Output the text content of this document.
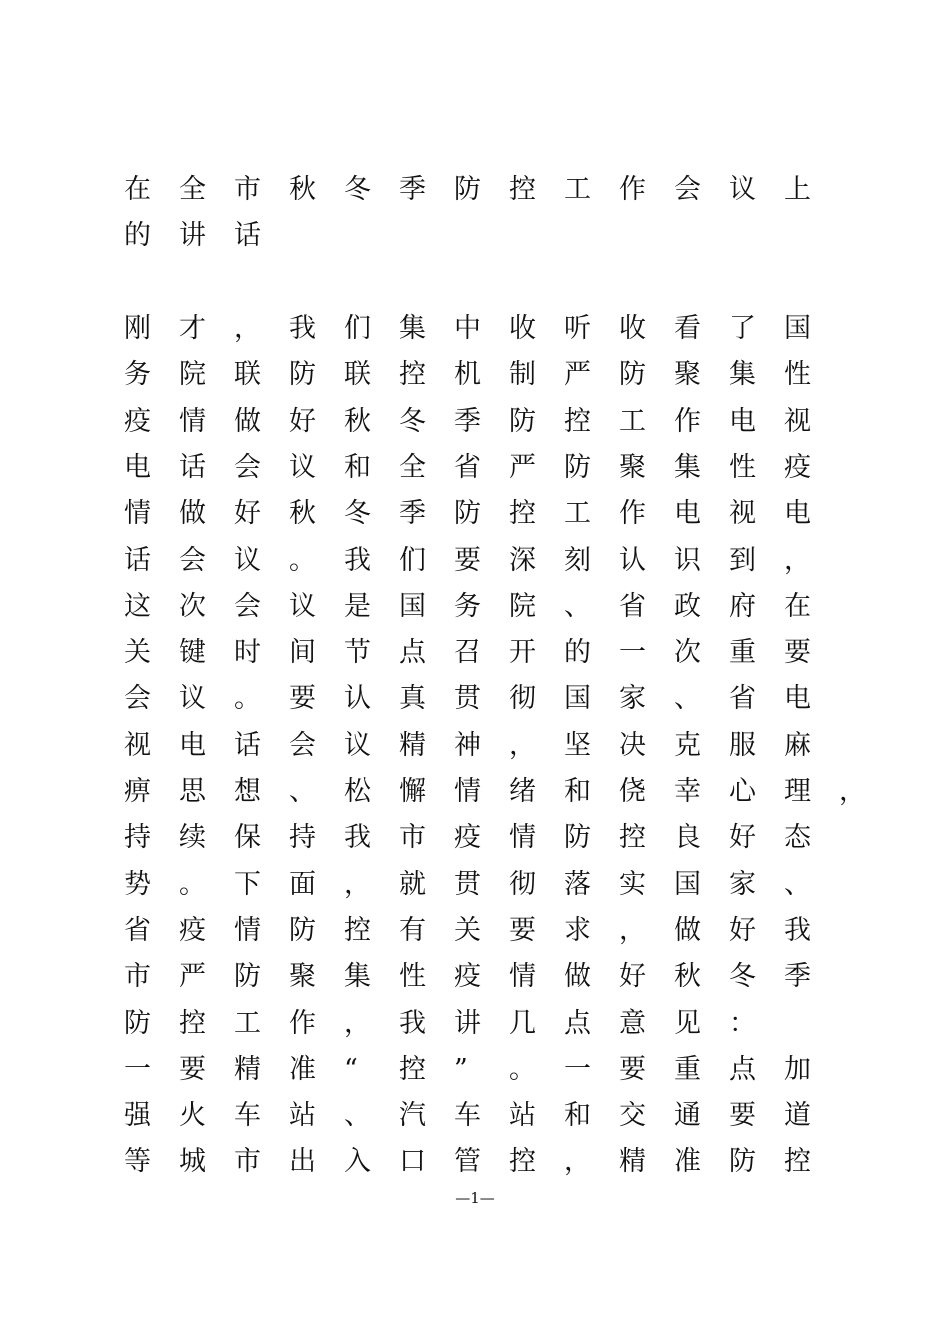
在 全 市 秋 冬 季 防 控 工 作 会 议 上
的 讲 话
刚 才 ， 我 们 集 中 收 听 收 看 了 国
务 院 联 防 联 控 机 制 严 防 聚 集 性
疫 情 做 好 秋 冬 季 防 控 工 作 电 视
电 话 会 议 和 全 省 严 防 聚 集 性 疫
情 做 好 秋 冬 季 防 控 工 作 电 视 电
话 会 议 。 我 们 要 深 刻 认 识 到 ，
这 次 会 议 是 国 务 院 、 省 政 府 在
关 键 时 间 节 点 召 开 的 一 次 重 要
会 议 。 要 认 真 贯 彻 国 家 、 省 电
视 电 话 会 议 精 神 ， 坚 决 克 服 麻
痹 思 想 、 松 懈 情 绪 和 侥 幸 心 理 ，
持 续 保 持 我 市 疫 情 防 控 良 好 态
势 。 下 面 ， 就 贯 彻 落 实 国 家 、
省 疫 情 防 控 有 关 要 求 ， 做 好 我
市 严 防 聚 集 性 疫 情 做 好 秋 冬 季
防 控 工 作 ， 我 讲 几 点 意 见 ：
一 要 精 准 “ 控 ” 。 一 要 重 点 加
强 火 车 站 、 汽 车 站 和 交 通 要 道
等 城 市 出 入 口 管 控 ， 精 准 防 控
—1—
